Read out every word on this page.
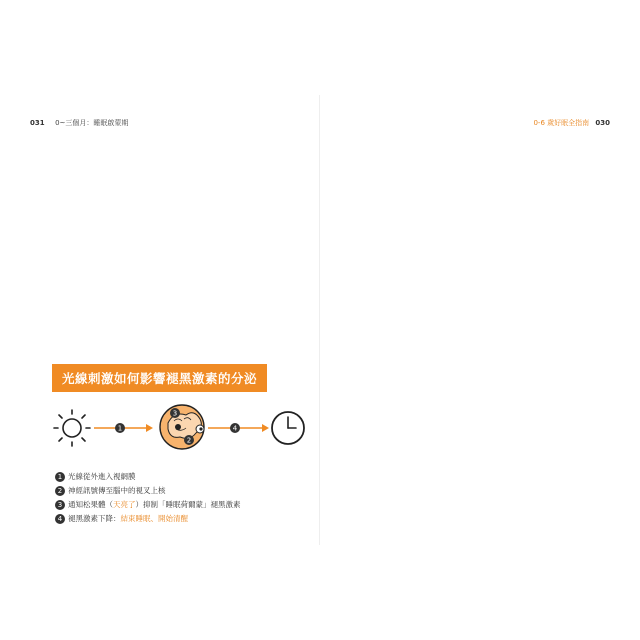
031 0~三個月：睡眠啟蒙期
光線刺激如何影響褪黑激素的分泌
1
2
3
4
1 光線從外進入視網膜
2 神經訊號傳至腦中的視叉上核
3 通知松果體（天亮了）抑制「睡眠荷爾蒙」褪黑激素
4 褪黑激素下降：結束睡眠、開始清醒
0-6 歲好眠全指南 030
